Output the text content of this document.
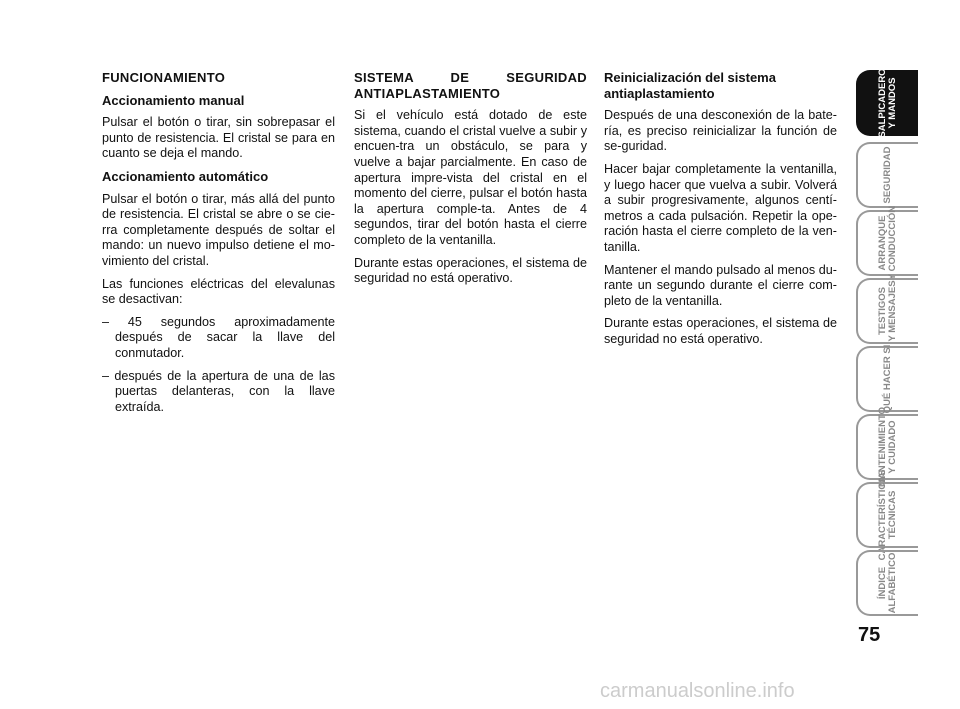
FUNCIONAMIENTO

Accionamiento manual

Pulsar el botón o tirar, sin sobrepasar el punto de resistencia. El cristal se para en cuanto se deja el mando.

Accionamiento automático

Pulsar el botón o tirar, más allá del punto de resistencia. El cristal se abre o se cie-rra completamente después de soltar el mando: un nuevo impulso detiene el mo-vimiento del cristal.

Las funciones eléctricas del elevalunas se desactivan:

– 45 segundos aproximadamente después de sacar la llave del conmutador.

– después de la apertura de una de las puertas delanteras, con la llave extraída.

SISTEMA DE SEGURIDAD ANTIAPLASTAMIENTO

Si el vehículo está dotado de este sistema, cuando el cristal vuelve a subir y encuen-tra un obstáculo, se para y vuelve a bajar parcialmente. En caso de apertura impre-vista del cristal en el momento del cierre, pulsar el botón hasta la apertura comple-ta. Antes de 4 segundos, tirar del botón hasta el cierre completo de la ventanilla.

Durante estas operaciones, el sistema de seguridad no está operativo.

Reinicialización del sistema antiaplastamiento

Después de una desconexión de la bate-ría, es preciso reinicializar la función de se-guridad.

Hacer bajar completamente la ventanilla, y luego hacer que vuelva a subir. Volverá a subir progresivamente, algunos centí-metros a cada pulsación. Repetir la ope-ración hasta el cierre completo de la ven-tanilla.

Mantener el mando pulsado al menos du-rante un segundo durante el cierre com-pleto de la ventanilla.

Durante estas operaciones, el sistema de seguridad no está operativo.

SALPICADERO
Y MANDOS
SEGURIDAD
ARRANQUE
Y CONDUCCIÓN
TESTIGOS
Y MENSAJES
QUÉ HACER SI
MANTENIMIENTO
Y CUIDADO
CARACTERÍSTICAS
TÉCNICAS
ÍNDICE
ALFABÉTICO
75
carmanualsonline.info
